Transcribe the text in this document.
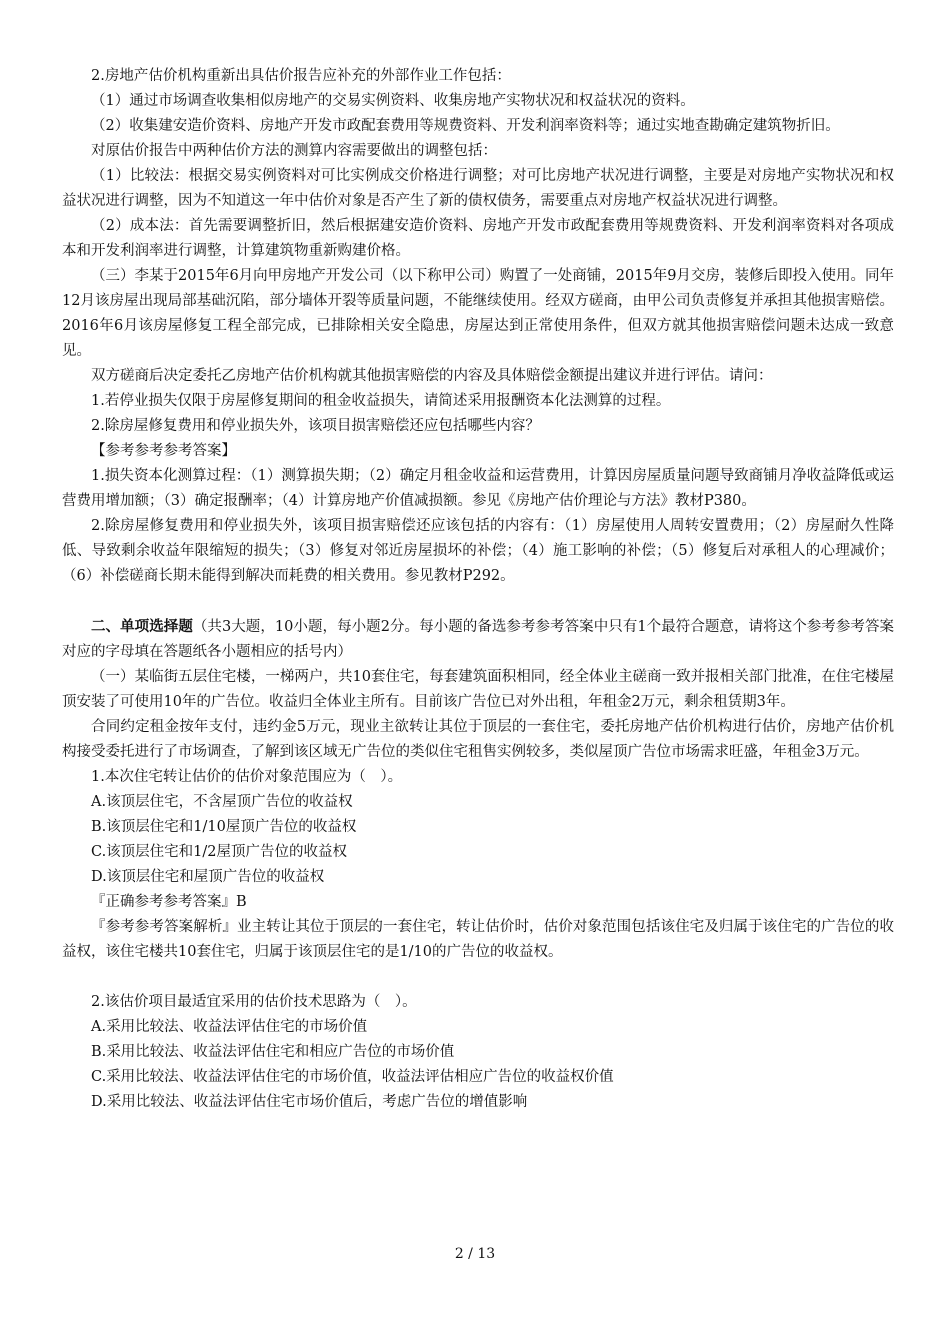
2.房地产估价机构重新出具估价报告应补充的外部作业工作包括：

（1）通过市场调查收集相似房地产的交易实例资料、收集房地产实物状况和权益状况的资料。

（2）收集建安造价资料、房地产开发市政配套费用等规费资料、开发利润率资料等；通过实地查勘确定建筑物折旧。

对原估价报告中两种估价方法的测算内容需要做出的调整包括：

（1）比较法：根据交易实例资料对可比实例成交价格进行调整；对可比房地产状况进行调整，主要是对房地产实物状况和权益状况进行调整，因为不知道这一年中估价对象是否产生了新的债权债务，需要重点对房地产权益状况进行调整。

（2）成本法：首先需要调整折旧，然后根据建安造价资料、房地产开发市政配套费用等规费资料、开发利润率资料对各项成本和开发利润率进行调整，计算建筑物重新购建价格。

（三）李某于2015年6月向甲房地产开发公司（以下称甲公司）购置了一处商铺，2015年9月交房，装修后即投入使用。同年12月该房屋出现局部基础沉陷，部分墙体开裂等质量问题，不能继续使用。经双方磋商，由甲公司负责修复并承担其他损害赔偿。2016年6月该房屋修复工程全部完成，已排除相关安全隐患，房屋达到正常使用条件，但双方就其他损害赔偿问题未达成一致意见。

双方磋商后决定委托乙房地产估价机构就其他损害赔偿的内容及具体赔偿金额提出建议并进行评估。请问：

1.若停业损失仅限于房屋修复期间的租金收益损失，请简述采用报酬资本化法测算的过程。

2.除房屋修复费用和停业损失外，该项目损害赔偿还应包括哪些内容？

【参考参考参考答案】

1.损失资本化测算过程：（1）测算损失期；（2）确定月租金收益和运营费用，计算因房屋质量问题导致商铺月净收益降低或运营费用增加额；（3）确定报酬率；（4）计算房地产价值减损额。参见《房地产估价理论与方法》教材P380。

2.除房屋修复费用和停业损失外，该项目损害赔偿还应该包括的内容有：（1）房屋使用人周转安置费用；（2）房屋耐久性降低、导致剩余收益年限缩短的损失；（3）修复对邻近房屋损坏的补偿；（4）施工影响的补偿；（5）修复后对承租人的心理减价；（6）补偿磋商长期未能得到解决而耗费的相关费用。参见教材P292。

二、单项选择题（共3大题，10小题，每小题2分。每小题的备选参考参考答案中只有1个最符合题意，请将这个参考参考答案对应的字母填在答题纸各小题相应的括号内）

（一）某临街五层住宅楼，一梯两户，共10套住宅，每套建筑面积相同，经全体业主磋商一致并报相关部门批准，在住宅楼屋顶安装了可使用10年的广告位。收益归全体业主所有。目前该广告位已对外出租，年租金2万元，剩余租赁期3年。

合同约定租金按年支付，违约金5万元，现业主欲转让其位于顶层的一套住宅，委托房地产估价机构进行估价，房地产估价机构接受委托进行了市场调查，了解到该区域无广告位的类似住宅租售实例较多，类似屋顶广告位市场需求旺盛，年租金3万元。

1.本次住宅转让估价的估价对象范围应为（　）。

A.该顶层住宅，不含屋顶广告位的收益权

B.该顶层住宅和1/10屋顶广告位的收益权

C.该顶层住宅和1/2屋顶广告位的收益权

D.该顶层住宅和屋顶广告位的收益权

『正确参考参考答案』B

『参考参考答案解析』业主转让其位于顶层的一套住宅，转让估价时，估价对象范围包括该住宅及归属于该住宅的广告位的收益权，该住宅楼共10套住宅，归属于该顶层住宅的是1/10的广告位的收益权。

2.该估价项目最适宜采用的估价技术思路为（　）。

A.采用比较法、收益法评估住宅的市场价值

B.采用比较法、收益法评估住宅和相应广告位的市场价值

C.采用比较法、收益法评估住宅的市场价值，收益法评估相应广告位的收益权价值

D.采用比较法、收益法评估住宅市场价值后，考虑广告位的增值影响

2 / 13
